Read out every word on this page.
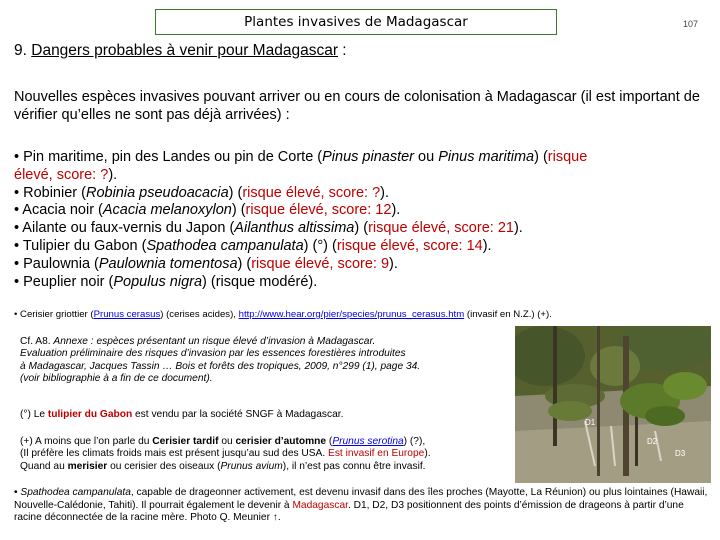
Plantes invasives de Madagascar	107
9. Dangers probables à venir pour Madagascar :
Nouvelles espèces invasives pouvant arriver ou en cours de colonisation à Madagascar (il est important de vérifier qu’elles ne sont pas déjà arrivées) :
• Pin maritime, pin des Landes ou pin de Corte (Pinus pinaster ou Pinus maritima) (risque
élevé, score: ?).
• Robinier (Robinia pseudoacacia) (risque élevé, score: ?).
• Acacia noir (Acacia melanoxylon) (risque élevé, score: 12).
• Ailante ou faux-vernis du Japon (Ailanthus altissima) (risque élevé, score: 21).
• Tulipier du Gabon (Spathodea campanulata) (°) (risque élevé, score: 14).
• Paulownia (Paulownia tomentosa) (risque élevé, score: 9).
• Peuplier noir (Populus nigra) (risque modéré).
• Cerisier griottier (Prunus cerasus) (cerises acides), http://www.hear.org/pier/species/prunus_cerasus.htm (invasif en N.Z.) (+).
Cf. A8. Annexe : espèces présentant un risque élevé d’invasion à Madagascar.
Evaluation préliminaire des risques d’invasion par les essences forestières introduites
à Madagascar, Jacques Tassin … Bois et forêts des tropiques, 2009, n°299 (1), page 34.
(voir bibliographie à a fin de ce document).
(°) Le tulipier du Gabon est vendu par la société SNGF à Madagascar.
(+) A moins que l’on parle du Cerisier tardif ou cerisier d’automne (Prunus serotina) (?),
(Il préfère les climats froids mais est présent jusqu’au sud des USA. Est invasif en Europe).
Quand au merisier ou cerisier des oiseaux (Prunus avium), il n’est pas connu être invasif.
• Spathodea campanulata, capable de drageonner activement, est devenu invasif dans des îles proches (Mayotte, La Réunion) ou plus lointaines (Hawaii, Nouvelle-Calédonie, Tahiti). Il pourrait également le devenir à Madagascar. D1, D2, D3 positionnent des points d’émission de drageons à partir d’une racine déconnectée de la racine mère. Photo Q. Meunier ↑.
D1
D2
D3
